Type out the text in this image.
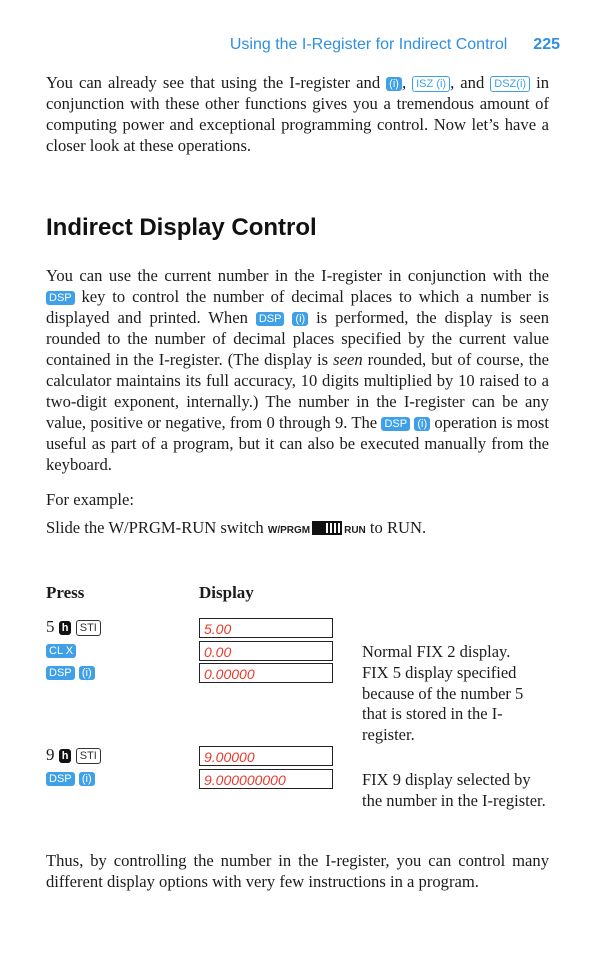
Using the I-Register for Indirect Control 225

You can already see that using the I-register and (i) , ISZ (i) , and DSZ(i) in conjunction with these other functions gives you a tremendous amount of computing power and exceptional programming control. Now let’s have a closer look at these operations.

Indirect Display Control

You can use the current number in the I-register in conjunction with the DSP key to control the number of decimal places to which a number is displayed and printed. When DSP (i) is performed, the display is seen rounded to the number of decimal places specified by the current value contained in the I-register. (The display is seen rounded, but of course, the calculator maintains its full accuracy, 10 digits multiplied by 10 raised to a two-digit exponent, internally.) The number in the I-register can be any value, positive or negative, from 0 through 9. The DSP (i) operation is most useful as part of a program, but it can also be executed manually from the keyboard.

For example:

Slide the W/PRGM-RUN switch W/PRGM	RUN to RUN.

Press	Display
5 h STI	5.00
CL X	0.00	Normal FIX 2 display.
DSP (i)	0.00000	FIX 5 display specified because of the number 5 that is stored in the I-register.
9 h STI	9.00000
DSP (i)	9.000000000	FIX 9 display selected by the number in the I-register.

Thus, by controlling the number in the I-register, you can control many different display options with very few instructions in a program.
